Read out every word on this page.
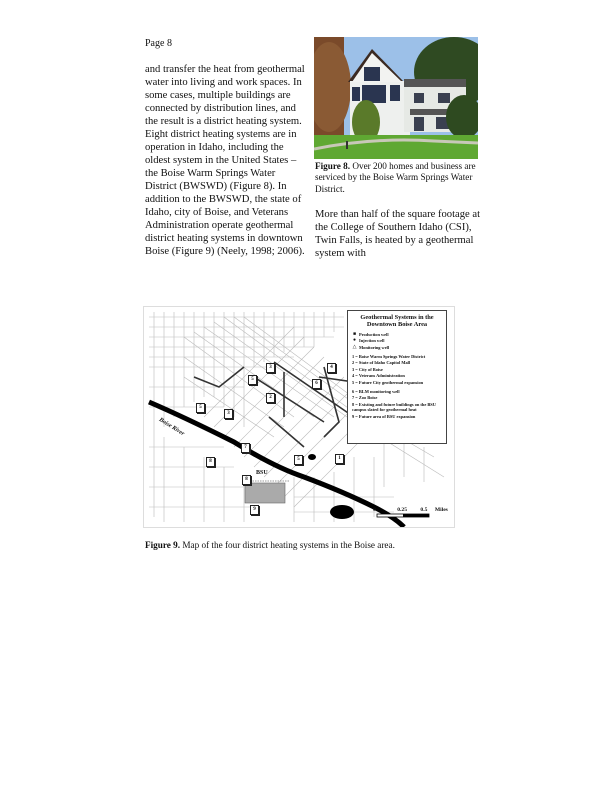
Page 8

and transfer the heat from geothermal water into living and work spaces. In some cases, multiple buildings are connected by distribution lines, and the result is a district heating system. Eight district heating systems are in operation in Idaho, including the oldest system in the United States – the Boise Warm Springs Water District (BWSWD) (Figure 8). In addition to the BWSWD, the state of Idaho, city of Boise, and Veterans Administration operate geothermal district heating systems in downtown Boise (Figure 9) (Neely, 1998; 2006).

Figure 8. Over 200 homes and business are serviced by the Boise Warm Springs Water District.

More than half of the square footage at the College of Southern Idaho (CSI), Twin Falls, is heated by a geothermal system with

Boise River
BSU
1
2
3
3
4
5
5
5
6
7
8
8
9
Geothermal Systems in the Downtown Boise Area
■ Production well
● Injection well
△ Monitoring well
1 = Boise Warm Springs Water District
2 = State of Idaho Capitol Mall
3 = City of Boise
4 = Veterans Administration
5 = Future City geothermal expansion
6 = BLM monitoring well
7 = Zoo Boise
8 = Existing and future buildings on the BSU campus slated for geothermal heat
9 = Future area of BSU expansion
0	0.25 0.5 Miles
Figure 9. Map of the four district heating systems in the Boise area.
